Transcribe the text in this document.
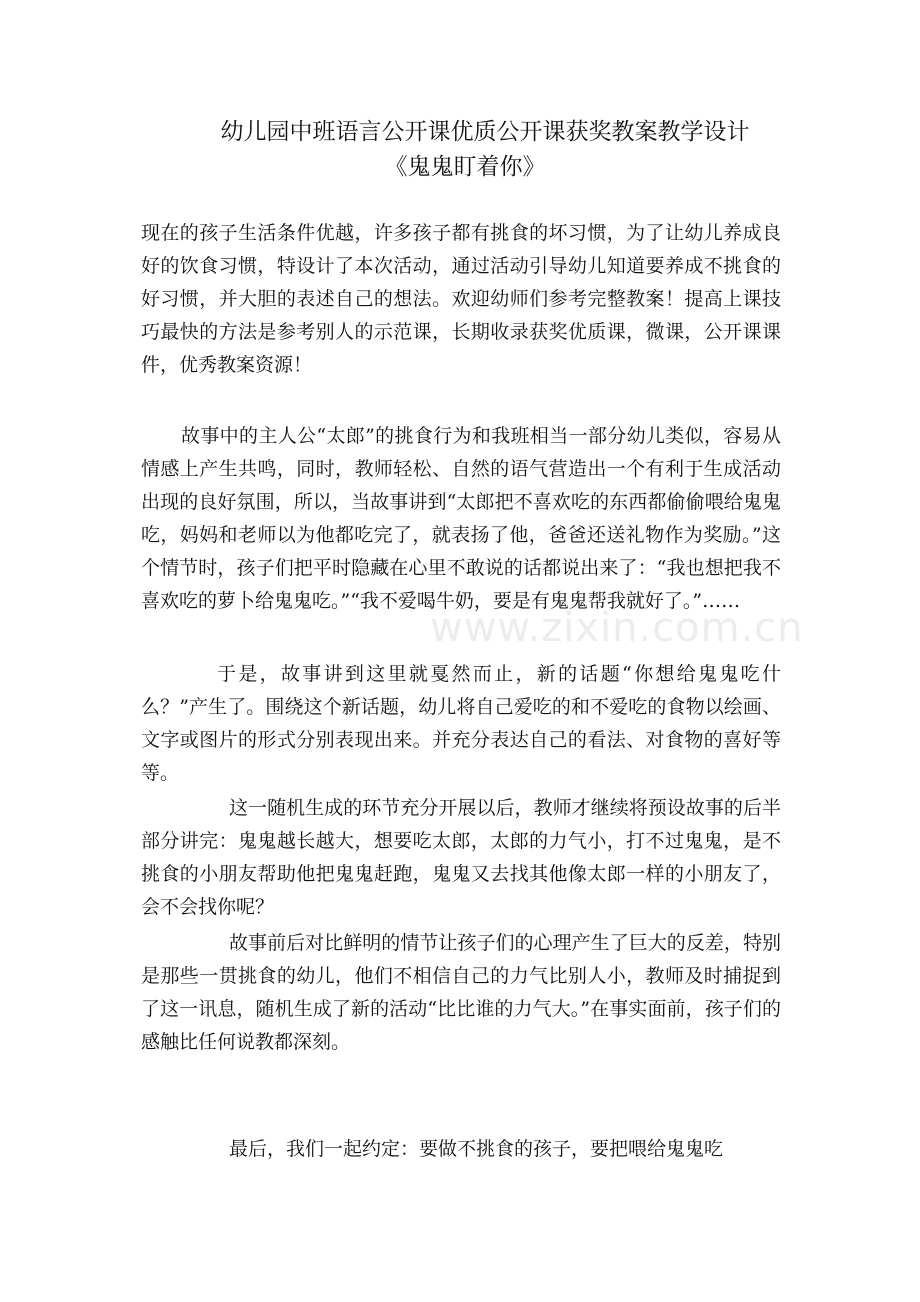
幼儿园中班语言公开课优质公开课获奖教案教学设计
《鬼鬼盯着你》
现在的孩子生活条件优越，许多孩子都有挑食的坏习惯，为了让幼儿养成良好的饮食习惯，特设计了本次活动，通过活动引导幼儿知道要养成不挑食的好习惯，并大胆的表述自己的想法。欢迎幼师们参考完整教案！提高上课技巧最快的方法是参考别人的示范课，长期收录获奖优质课，微课，公开课课件，优秀教案资源！
故事中的主人公“太郎”的挑食行为和我班相当一部分幼儿类似，容易从情感上产生共鸣，同时，教师轻松、自然的语气营造出一个有利于生成活动出现的良好氛围，所以，当故事讲到“太郎把不喜欢吃的东西都偷偷喂给鬼鬼吃，妈妈和老师以为他都吃完了，就表扬了他，爸爸还送礼物作为奖励。”这个情节时，孩子们把平时隐藏在心里不敢说的话都说出来了：“我也想把我不喜欢吃的萝卜给鬼鬼吃。”“我不爱喝牛奶，要是有鬼鬼帮我就好了。”……
于是，故事讲到这里就戛然而止，新的话题“你想给鬼鬼吃什么？”产生了。围绕这个新话题，幼儿将自己爱吃的和不爱吃的食物以绘画、文字或图片的形式分别表现出来。并充分表达自己的看法、对食物的喜好等等。
这一随机生成的环节充分开展以后，教师才继续将预设故事的后半部分讲完：鬼鬼越长越大，想要吃太郎，太郎的力气小，打不过鬼鬼，是不挑食的小朋友帮助他把鬼鬼赶跑，鬼鬼又去找其他像太郎一样的小朋友了，会不会找你呢？
故事前后对比鲜明的情节让孩子们的心理产生了巨大的反差，特别是那些一贯挑食的幼儿，他们不相信自己的力气比别人小，教师及时捕捉到了这一讯息，随机生成了新的活动“比比谁的力气大。”在事实面前，孩子们的感触比任何说教都深刻。
最后，我们一起约定：要做不挑食的孩子，要把喂给鬼鬼吃
www.zixin.com.cn
